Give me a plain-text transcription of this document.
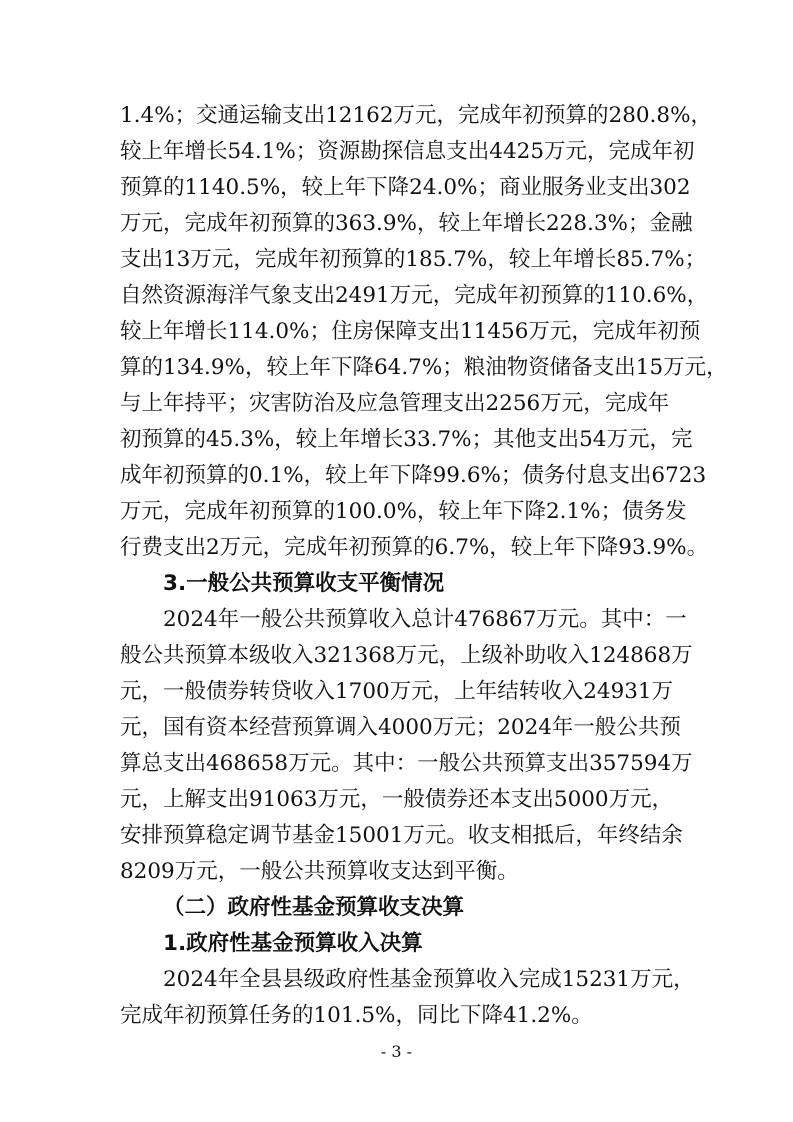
1.4%；交通运输支出12162万元，完成年初预算的280.8%，
较上年增长54.1%；资源勘探信息支出4425万元，完成年初
预算的1140.5%，较上年下降24.0%；商业服务业支出302
万元，完成年初预算的363.9%，较上年增长228.3%；金融
支出13万元，完成年初预算的185.7%，较上年增长85.7%；
自然资源海洋气象支出2491万元，完成年初预算的110.6%，
较上年增长114.0%；住房保障支出11456万元，完成年初预
算的134.9%，较上年下降64.7%；粮油物资储备支出15万元，
与上年持平；灾害防治及应急管理支出2256万元，完成年
初预算的45.3%，较上年增长33.7%；其他支出54万元，完
成年初预算的0.1%，较上年下降99.6%；债务付息支出6723
万元，完成年初预算的100.0%，较上年下降2.1%；债务发
行费支出2万元，完成年初预算的6.7%，较上年下降93.9%。
3.一般公共预算收支平衡情况
2024年一般公共预算收入总计476867万元。其中：一
般公共预算本级收入321368万元，上级补助收入124868万
元，一般债券转贷收入1700万元，上年结转收入24931万
元，国有资本经营预算调入4000万元；2024年一般公共预
算总支出468658万元。其中：一般公共预算支出357594万
元，上解支出91063万元，一般债券还本支出5000万元，
安排预算稳定调节基金15001万元。收支相抵后，年终结余
8209万元，一般公共预算收支达到平衡。
（二）政府性基金预算收支决算
1.政府性基金预算收入决算
2024年全县县级政府性基金预算收入完成15231万元，
完成年初预算任务的101.5%，同比下降41.2%。
- 3 -
